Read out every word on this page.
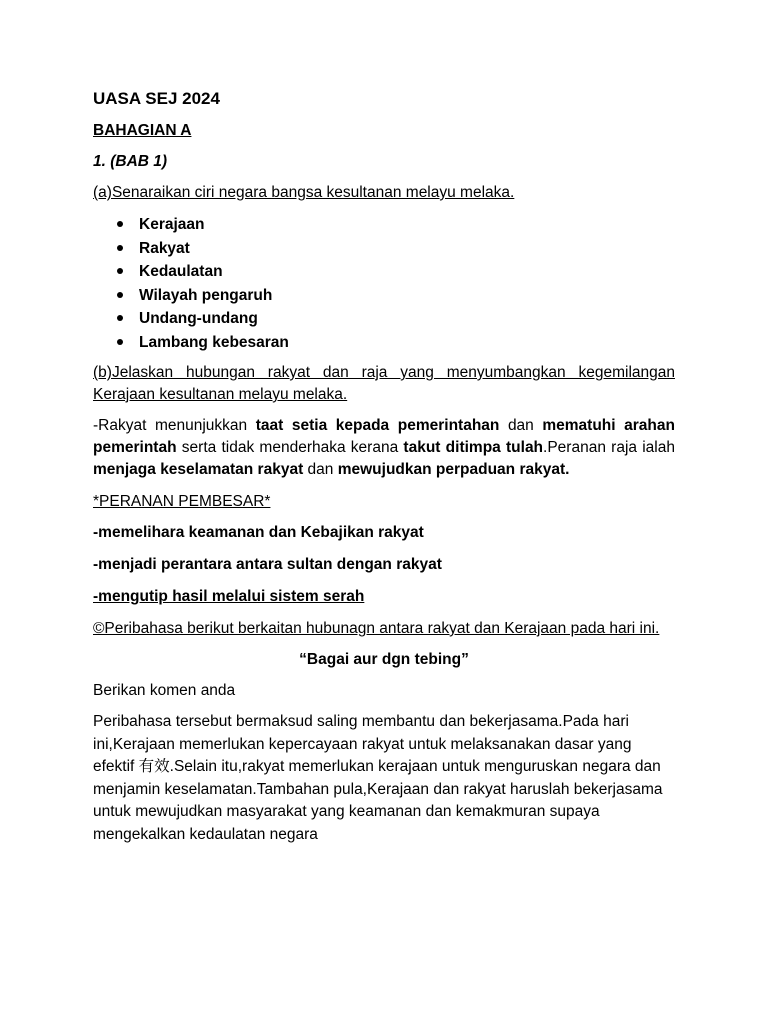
UASA SEJ 2024
BAHAGIAN A
1. (BAB 1)
(a)Senaraikan ciri negara bangsa kesultanan melayu melaka.
Kerajaan
Rakyat
Kedaulatan
Wilayah pengaruh
Undang-undang
Lambang kebesaran
(b)Jelaskan hubungan rakyat dan raja yang menyumbangkan kegemilangan Kerajaan kesultanan melayu melaka.

-Rakyat menunjukkan taat setia kepada pemerintahan dan mematuhi arahan pemerintah serta tidak menderhaka kerana takut ditimpa tulah.Peranan raja ialah menjaga keselamatan rakyat dan mewujudkan perpaduan rakyat.

*PERANAN PEMBESAR*
-memelihara keamanan dan Kebajikan rakyat
-menjadi perantara antara sultan dengan rakyat
-mengutip hasil melalui sistem serah
©Peribahasa berikut berkaitan hubunagn antara rakyat dan Kerajaan pada hari ini.
“Bagai aur dgn tebing”

Berikan komen anda

Peribahasa tersebut bermaksud saling membantu dan bekerjasama.Pada hari ini,Kerajaan memerlukan kepercayaan rakyat untuk melaksanakan dasar yang efektif 有效.Selain itu,rakyat memerlukan kerajaan untuk menguruskan negara dan menjamin keselamatan.Tambahan pula,Kerajaan dan rakyat haruslah bekerjasama untuk mewujudkan masyarakat yang keamanan dan kemakmuran supaya mengekalkan kedaulatan negara
